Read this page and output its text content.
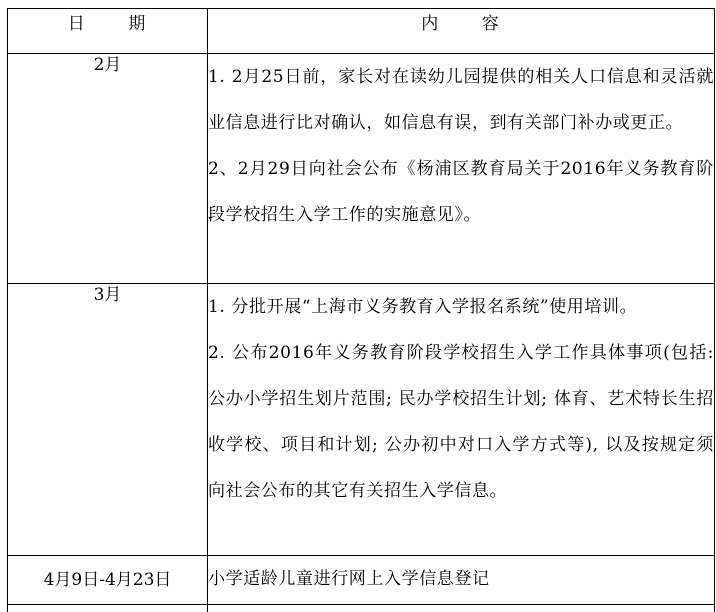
日 期	内 容
2月	1. 2月25日前，家长对在读幼儿园提供的相关人口信息和灵活就业信息进行比对确认，如信息有误，到有关部门补办或更正。
2、2月29日向社会公布《杨浦区教育局关于2016年义务教育阶段学校招生入学工作的实施意见》。

3月	1. 分批开展“上海市义务教育入学报名系统”使用培训。
2. 公布2016年义务教育阶段学校招生入学工作具体事项(包括: 公办小学招生划片范围; 民办学校招生计划; 体育、艺术特长生招收学校、项目和计划; 公办初中对口入学方式等), 以及按规定须向社会公布的其它有关招生入学信息。

4月9日-4月23日	小学适龄儿童进行网上入学信息登记
